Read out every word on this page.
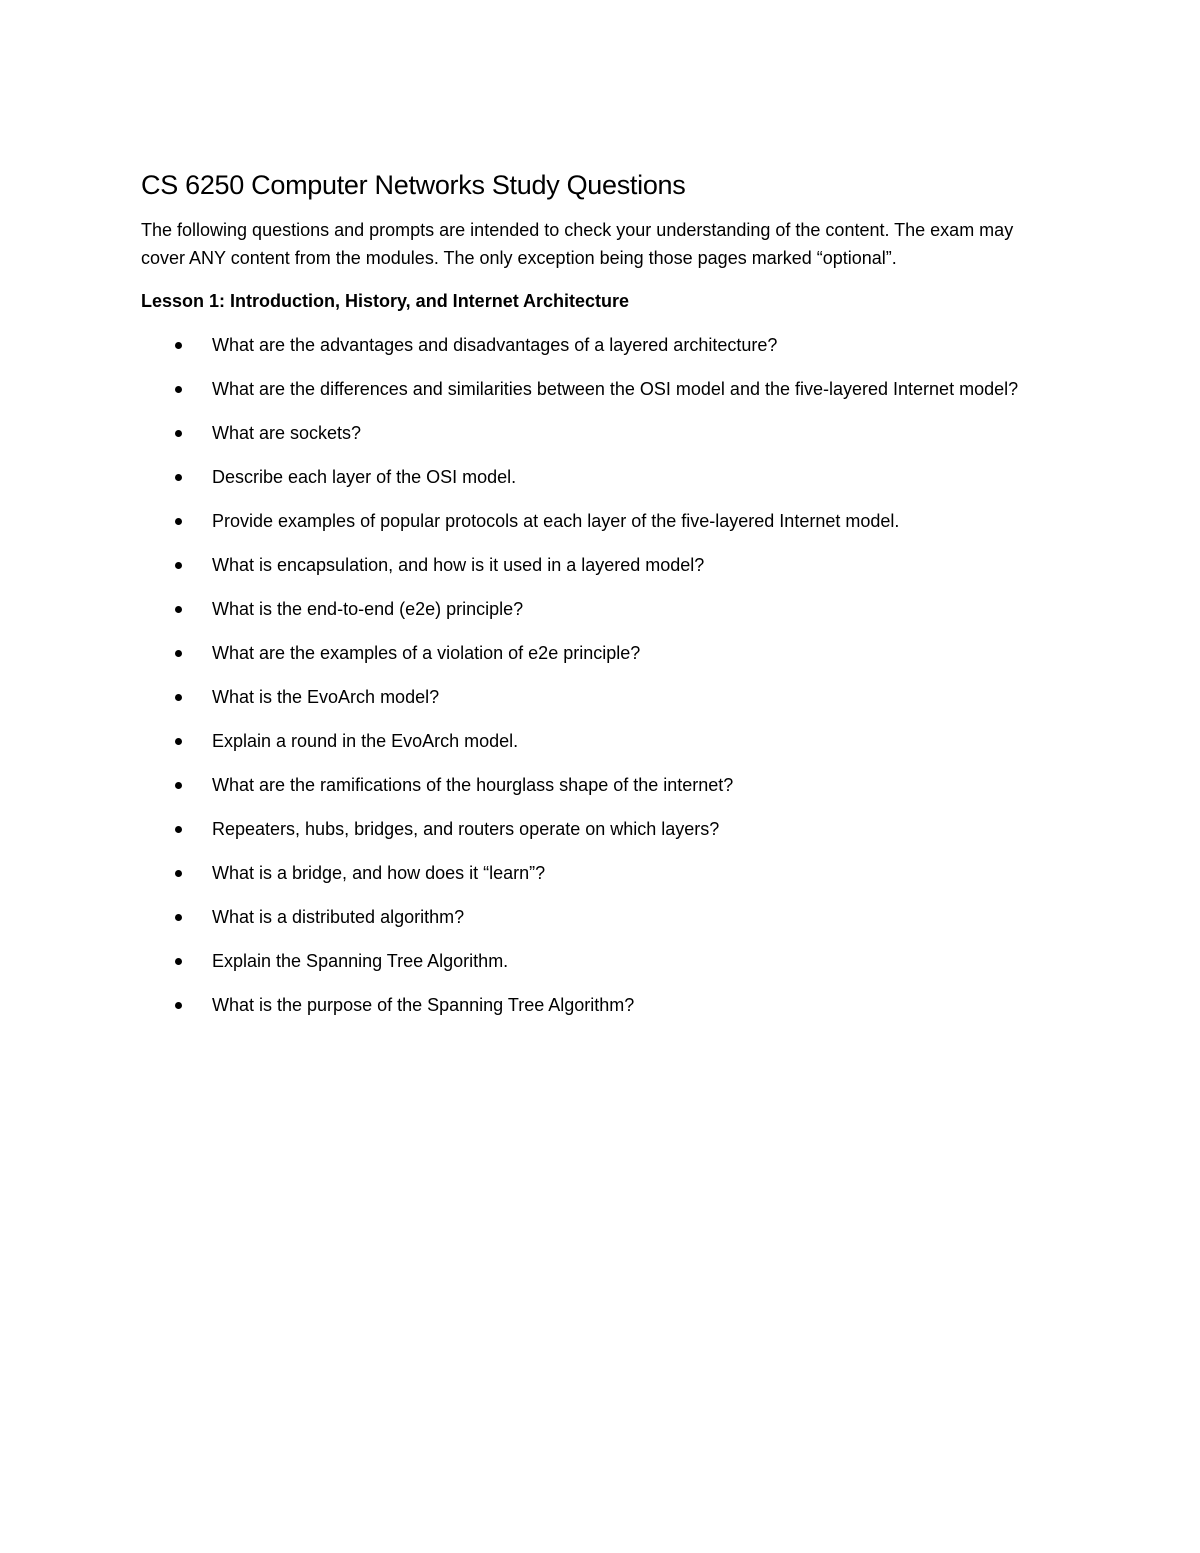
CS 6250 Computer Networks Study Questions

The following questions and prompts are intended to check your understanding of the content. The exam may cover ANY content from the modules. The only exception being those pages marked “optional”.

Lesson 1: Introduction, History, and Internet Architecture

What are the advantages and disadvantages of a layered architecture?
What are the differences and similarities between the OSI model and the five-layered Internet model?
What are sockets?
Describe each layer of the OSI model.
Provide examples of popular protocols at each layer of the five-layered Internet model.
What is encapsulation, and how is it used in a layered model?
What is the end-to-end (e2e) principle?
What are the examples of a violation of e2e principle?
What is the EvoArch model?
Explain a round in the EvoArch model.
What are the ramifications of the hourglass shape of the internet?
Repeaters, hubs, bridges, and routers operate on which layers?
What is a bridge, and how does it “learn”?
What is a distributed algorithm?
Explain the Spanning Tree Algorithm.
What is the purpose of the Spanning Tree Algorithm?
